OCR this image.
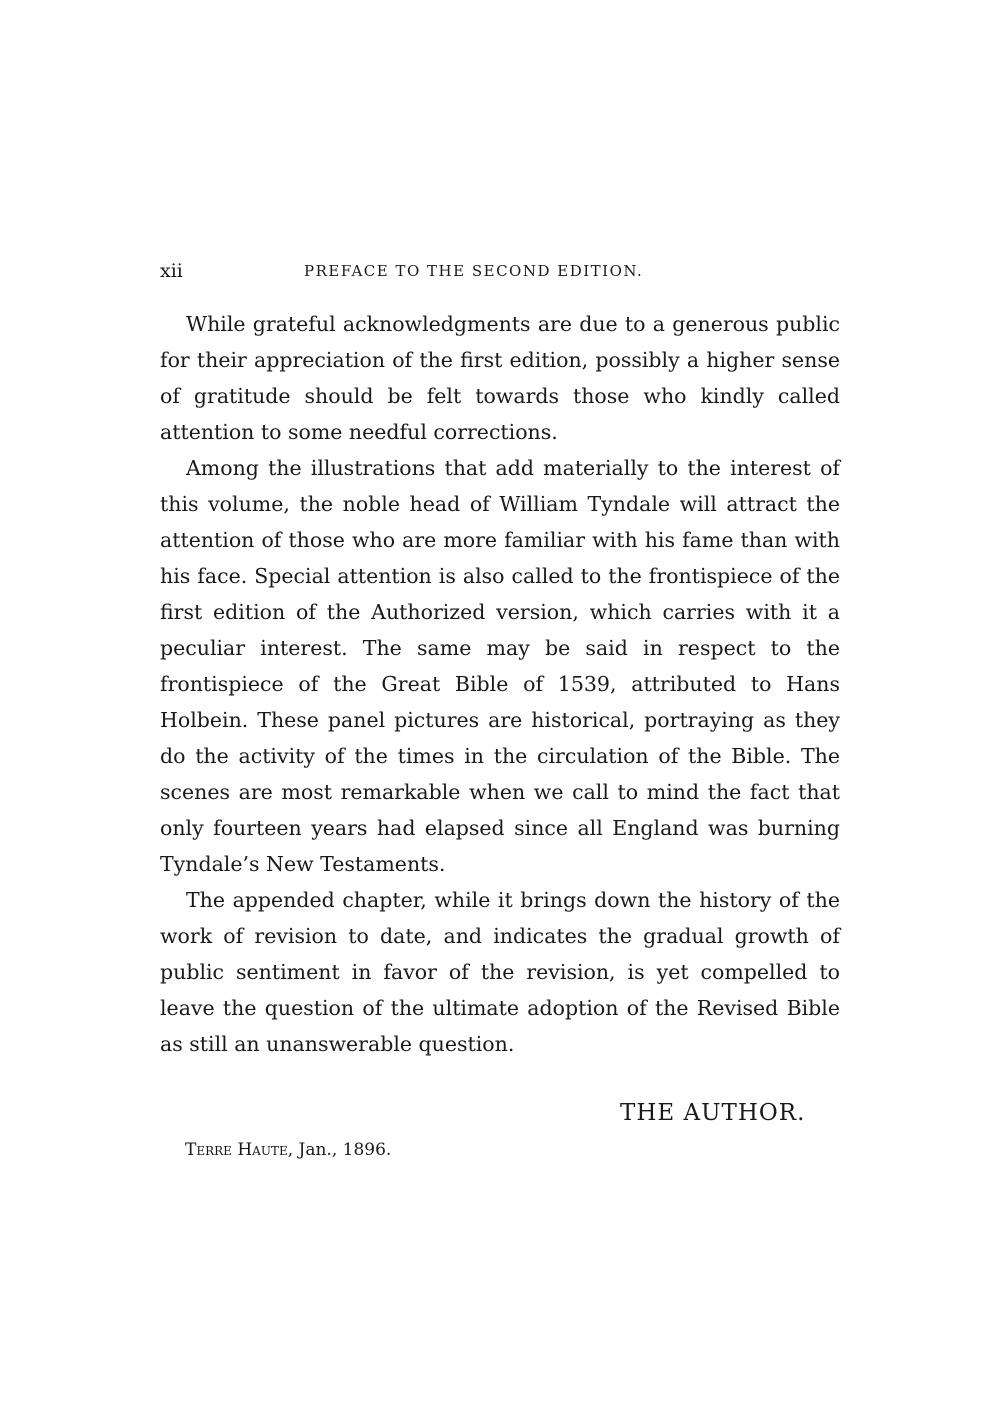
xii	PREFACE TO THE SECOND EDITION.

While grateful acknowledgments are due to a generous public for their appreciation of the first edition, possibly a higher sense of gratitude should be felt towards those who kindly called attention to some needful corrections.

Among the illustrations that add materially to the interest of this volume, the noble head of William Tyndale will attract the attention of those who are more familiar with his fame than with his face. Special attention is also called to the frontispiece of the first edition of the Authorized version, which carries with it a peculiar interest. The same may be said in respect to the frontispiece of the Great Bible of 1539, attributed to Hans Holbein. These panel pictures are historical, portraying as they do the activity of the times in the circulation of the Bible. The scenes are most remarkable when we call to mind the fact that only fourteen years had elapsed since all England was burning Tyndale’s New Testaments.

The appended chapter, while it brings down the history of the work of revision to date, and indicates the gradual growth of public sentiment in favor of the revision, is yet compelled to leave the question of the ultimate adoption of the Revised Bible as still an unanswerable question.

THE AUTHOR.
Terre Haute, Jan., 1896.
